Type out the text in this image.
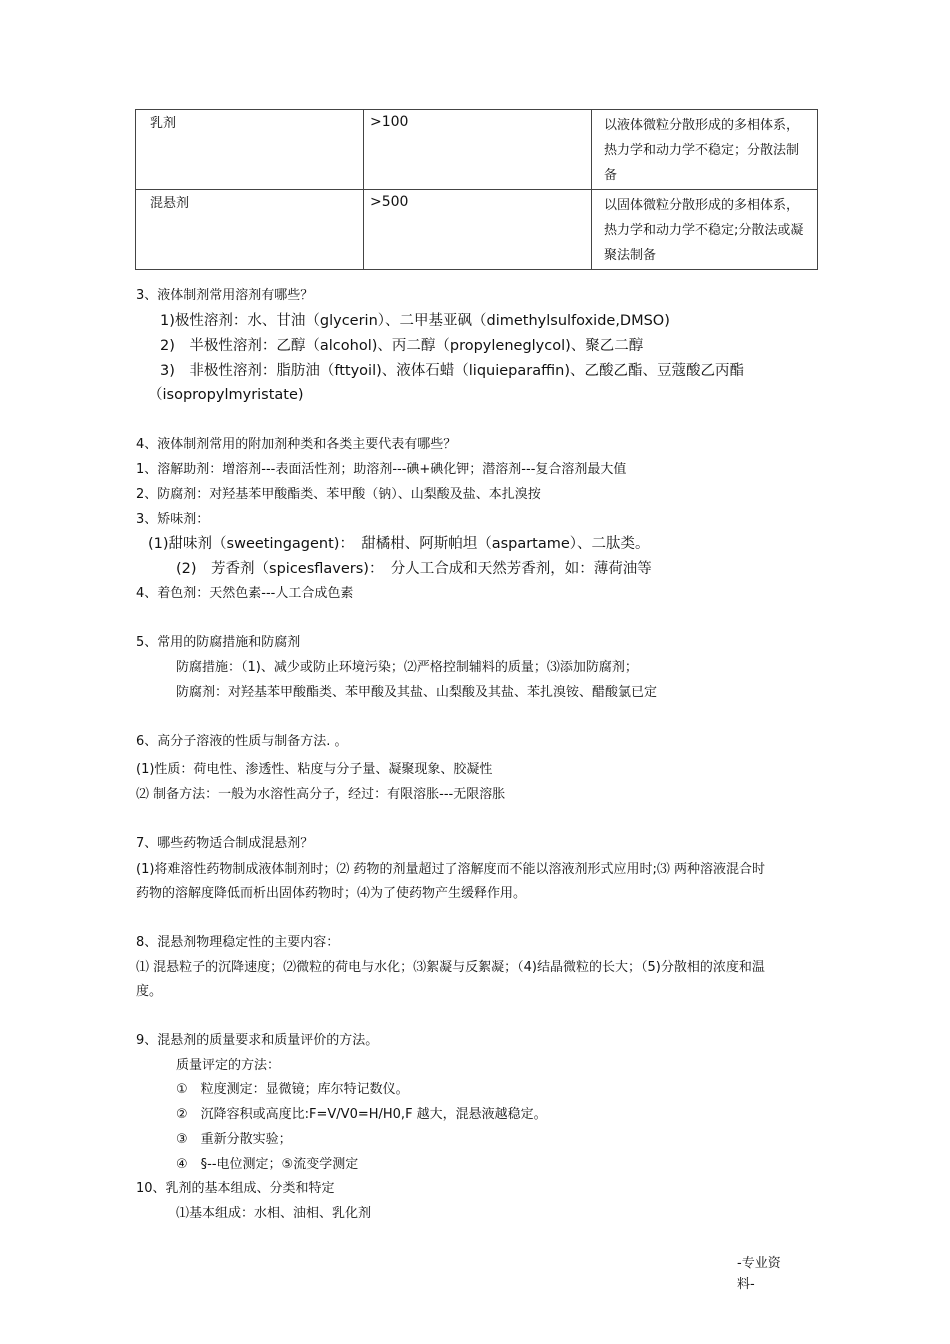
乳剂	>100	以液体微粒分散形成的多相体系，热力学和动力学不稳定；分散法制备
混悬剂	>500	以固体微粒分散形成的多相体系，热力学和动力学不稳定;分散法或凝聚法制备
3、液体制剂常用溶剂有哪些？
1)极性溶剂：水、甘油（glycerin）、二甲基亚砜（dimethylsulfoxide,DMSO)
2)　半极性溶剂：乙醇（alcohol)、丙二醇（propyleneglycol)、聚乙二醇
3)　非极性溶剂：脂肪油（fttyoil)、液体石蜡（liquieparaffin)、乙酸乙酯、豆蔻酸乙丙酯
（isopropylmyristate)
4、液体制剂常用的附加剂种类和各类主要代表有哪些？
1、溶解助剂：增溶剂---表面活性剂；助溶剂---碘+碘化钾；潜溶剂---复合溶剂最大值
2、防腐剂：对羟基苯甲酸酯类、苯甲酸（钠）、山梨酸及盐、本扎溴按
3、矫味剂：
(1)甜味剂（sweetingagent)：　甜橘柑、阿斯帕坦（aspartame）、二肽类。
(2)　芳香剂（spicesflavers)：　分人工合成和天然芳香剂，如：薄荷油等
4、着色剂：天然色素---人工合成色素
5、常用的防腐措施和防腐剂
防腐措施：（1)、减少或防止环境污染；⑵严格控制辅料的质量；⑶添加防腐剂；
防腐剂：对羟基苯甲酸酯类、苯甲酸及其盐、山梨酸及其盐、苯扎溴铵、醋酸氯已定
6、高分子溶液的性质与制备方法. 。
(1)性质：荷电性、渗透性、粘度与分子量、凝聚现象、胶凝性
⑵ 制备方法：一般为水溶性高分子，经过：有限溶胀---无限溶胀
7、哪些药物适合制成混悬剂？
(1)将难溶性药物制成液体制剂时；⑵ 药物的剂量超过了溶解度而不能以溶液剂形式应用时;⑶ 两种溶液混合时
药物的溶解度降低而析出固体药物时；⑷为了使药物产生缓释作用。
8、混悬剂物理稳定性的主要内容：
⑴ 混悬粒子的沉降速度；⑵微粒的荷电与水化；⑶絮凝与反絮凝；（4)结晶微粒的长大；（5)分散相的浓度和温
度。
9、混悬剂的质量要求和质量评价的方法。
质量评定的方法：
①　粒度测定：显微镜；库尔特记数仪。
②　沉降容积或高度比:F=V/V0=H/H0,F 越大，混悬液越稳定。
③　重新分散实验；
④　§--电位测定；⑤流变学测定
10、乳剂的基本组成、分类和特定
⑴基本组成：水相、油相、乳化剂
-专业资料-
